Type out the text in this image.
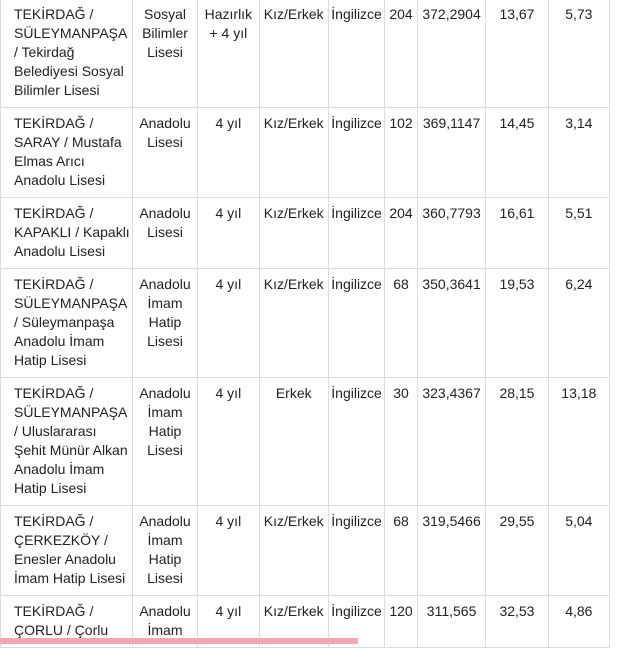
TEKİRDAĞ / SÜLEYMANPAŞA / Tekirdağ Belediyesi Sosyal Bilimler Lisesi	Sosyal Bilimler Lisesi	Hazırlık + 4 yıl	Kız/Erkek	İngilizce	204	372,2904	13,67	5,73
TEKİRDAĞ / SARAY / Mustafa Elmas Arıcı Anadolu Lisesi	Anadolu Lisesi	4 yıl	Kız/Erkek	İngilizce	102	369,1147	14,45	3,14
TEKİRDAĞ / KAPAKLI / Kapaklı Anadolu Lisesi	Anadolu Lisesi	4 yıl	Kız/Erkek	İngilizce	204	360,7793	16,61	5,51
TEKİRDAĞ / SÜLEYMANPAŞA / Süleymanpaşa Anadolu İmam Hatip Lisesi	Anadolu İmam Hatip Lisesi	4 yıl	Kız/Erkek	İngilizce	68	350,3641	19,53	6,24
TEKİRDAĞ / SÜLEYMANPAŞA / Uluslararası Şehit Münür Alkan Anadolu İmam Hatip Lisesi	Anadolu İmam Hatip Lisesi	4 yıl	Erkek	İngilizce	30	323,4367	28,15	13,18
TEKİRDAĞ / ÇERKEZKÖY / Enesler Anadolu İmam Hatip Lisesi	Anadolu İmam Hatip Lisesi	4 yıl	Kız/Erkek	İngilizce	68	319,5466	29,55	5,04
TEKİRDAĞ / ÇORLU / Çorlu	Anadolu İmam	4 yıl	Kız/Erkek	İngilizce	120	311,565	32,53	4,86
